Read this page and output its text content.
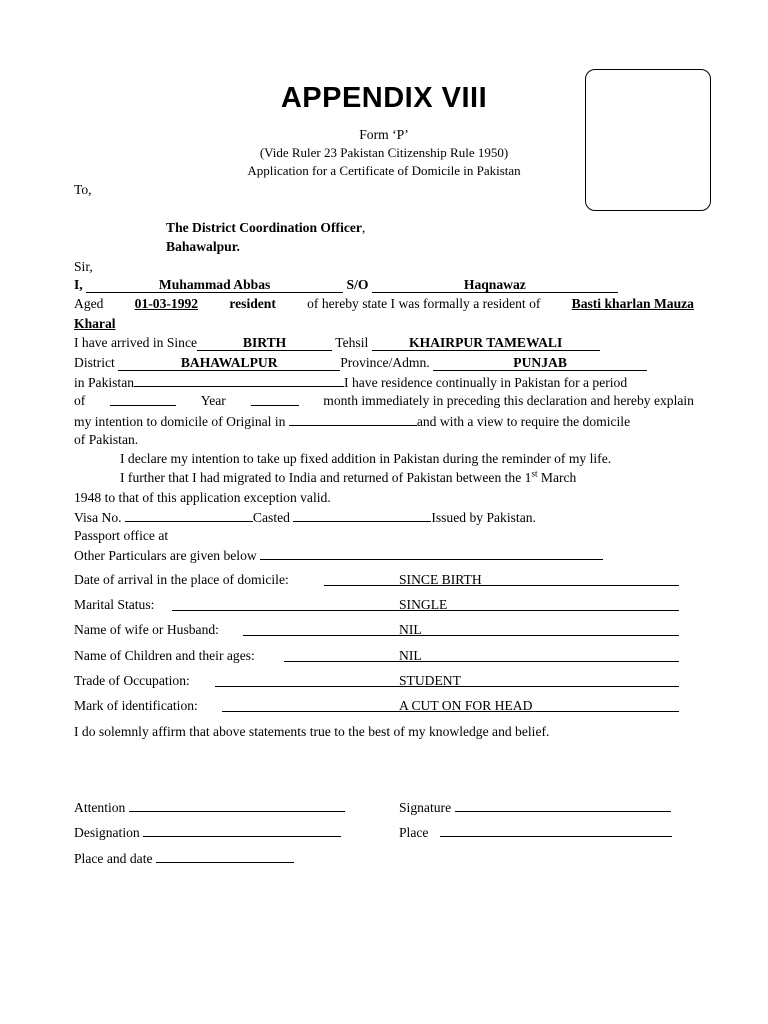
APPENDIX VIII
Form ‘P’
(Vide Ruler 23 Pakistan Citizenship Rule 1950)
Application for a Certificate of Domicile in Pakistan
To,
The District Coordination Officer,
Bahawalpur.
Sir,
I,	Muhammad Abbas	S/O	Haqnawaz
Aged 01-03-1992 resident of hereby state I was formally a resident of Basti kharlan Mauza
Kharal
I have arrived in Since	BIRTH	Tehsil	KHAIRPUR TAMEWALI
District	BAHAWALPUR	Province/Admn.	PUNJAB
in Pakistan	I have residence continually in Pakistan for a period
of	Year	month immediately in preceding this declaration and hereby explain
my intention to domicile of Original in	and with a view to require the domicile
of Pakistan.
I declare my intention to take up fixed addition in Pakistan during the reminder of my life.
I further that I had migrated to India and returned of Pakistan between the 1st March
1948 to that of this application exception valid.
Visa No.	Casted	Issued by Pakistan.
Passport office at
Other Particulars are given below
Date of arrival in the place of domicile:	SINCE BIRTH
Marital Status:	SINGLE
Name of wife or Husband:	NIL
Name of Children and their ages:	NIL
Trade of Occupation:	STUDENT
Mark of identification:	A CUT ON FOR HEAD
I do solemnly affirm that above statements true to the best of my knowledge and belief.
Attention	Signature
Designation	Place
Place and date
